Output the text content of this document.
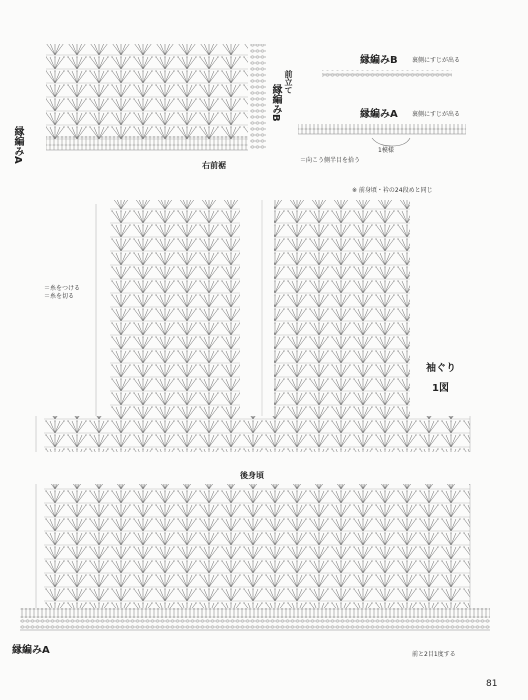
縁編みB 裏側にすじが出る
縁編みA 裏側にすじが出る
1模様
＝向こう側半目を拾う
前立て
縁編みB
縁編みA
右前裾
※ 前身頃・衿の24段めと同じ
＝糸をつける
＝糸を切る
袖ぐり
1図
後身頃
縁編みA	前と2目1度する
81
